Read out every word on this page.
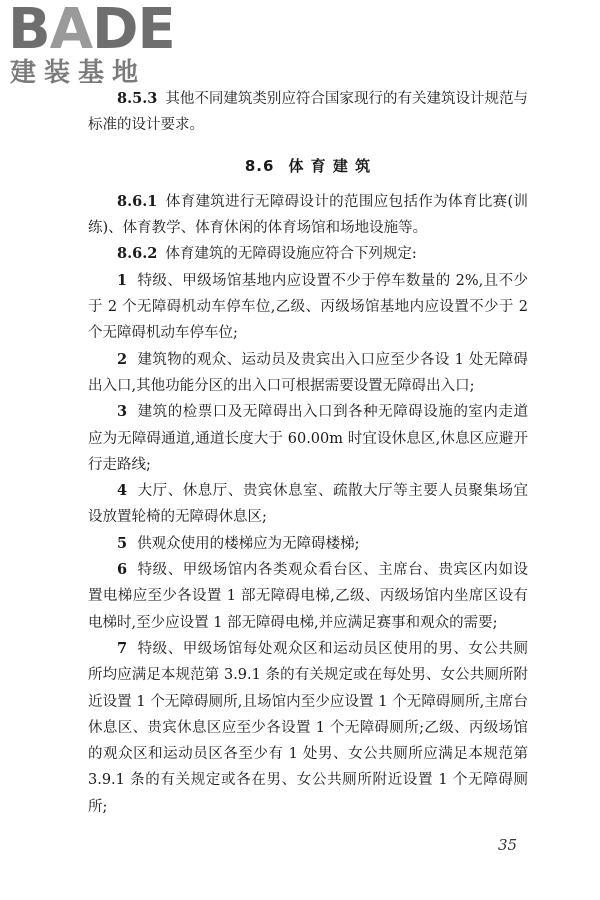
BADE
建装基地

8.5.3 其他不同建筑类别应符合国家现行的有关建筑设计规范与标准的设计要求。

8.6 体 育 建 筑

8.6.1 体育建筑进行无障碍设计的范围应包括作为体育比赛(训练)、体育教学、体育休闲的体育场馆和场地设施等。

8.6.2 体育建筑的无障碍设施应符合下列规定:

1 特级、甲级场馆基地内应设置不少于停车数量的 2%,且不少于 2 个无障碍机动车停车位,乙级、丙级场馆基地内应设置不少于 2 个无障碍机动车停车位;

2 建筑物的观众、运动员及贵宾出入口应至少各设 1 处无障碍出入口,其他功能分区的出入口可根据需要设置无障碍出入口;

3 建筑的检票口及无障碍出入口到各种无障碍设施的室内走道应为无障碍通道,通道长度大于 60.00m 时宜设休息区,休息区应避开行走路线;

4 大厅、休息厅、贵宾休息室、疏散大厅等主要人员聚集场宜设放置轮椅的无障碍休息区;

5 供观众使用的楼梯应为无障碍楼梯;

6 特级、甲级场馆内各类观众看台区、主席台、贵宾区内如设置电梯应至少各设置 1 部无障碍电梯,乙级、丙级场馆内坐席区设有电梯时,至少应设置 1 部无障碍电梯,并应满足赛事和观众的需要;

7 特级、甲级场馆每处观众区和运动员区使用的男、女公共厕所均应满足本规范第 3.9.1 条的有关规定或在每处男、女公共厕所附近设置 1 个无障碍厕所,且场馆内至少应设置 1 个无障碍厕所,主席台休息区、贵宾休息区应至少各设置 1 个无障碍厕所;乙级、丙级场馆的观众区和运动员区各至少有 1 处男、女公共厕所应满足本规范第 3.9.1 条的有关规定或各在男、女公共厕所附近设置 1 个无障碍厕所;

35
